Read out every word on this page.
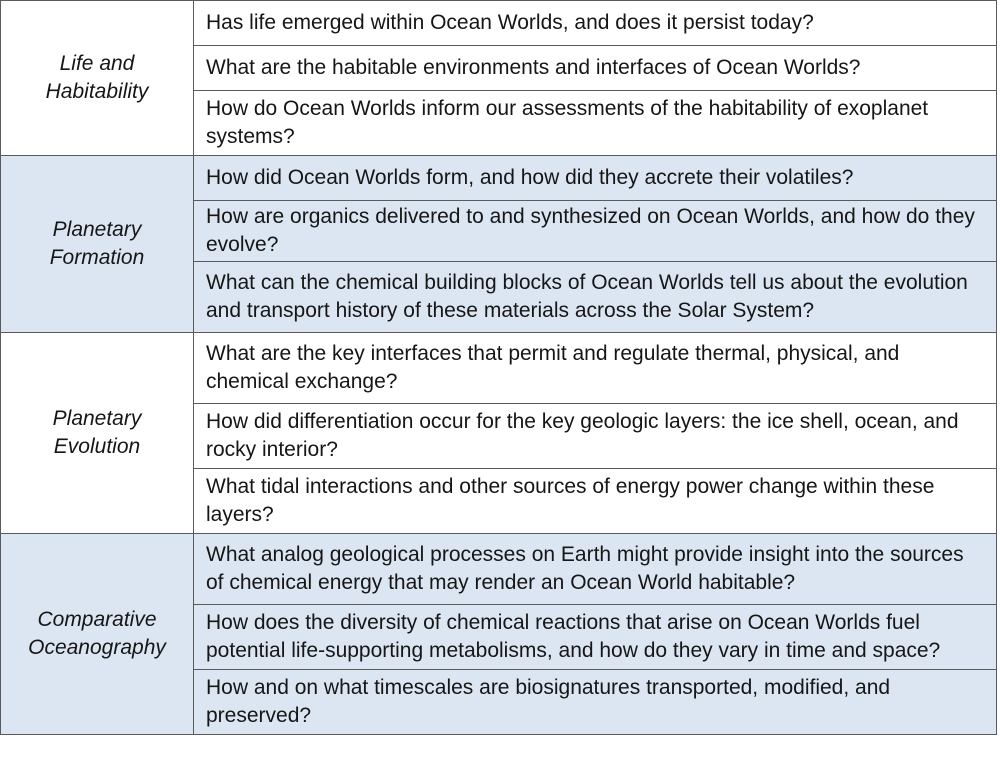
Life and Habitability	Has life emerged within Ocean Worlds, and does it persist today?
	What are the habitable environments and interfaces of Ocean Worlds?
	How do Ocean Worlds inform our assessments of the habitability of exoplanet systems?
Planetary Formation	How did Ocean Worlds form, and how did they accrete their volatiles?
	How are organics delivered to and synthesized on Ocean Worlds, and how do they evolve?
	What can the chemical building blocks of Ocean Worlds tell us about the evolution and transport history of these materials across the Solar System?
Planetary Evolution	What are the key interfaces that permit and regulate thermal, physical, and chemical exchange?
	How did differentiation occur for the key geologic layers: the ice shell, ocean, and rocky interior?
	What tidal interactions and other sources of energy power change within these layers?
Comparative Oceanography	What analog geological processes on Earth might provide insight into the sources of chemical energy that may render an Ocean World habitable?
	How does the diversity of chemical reactions that arise on Ocean Worlds fuel potential life-supporting metabolisms, and how do they vary in time and space?
	How and on what timescales are biosignatures transported, modified, and preserved?
